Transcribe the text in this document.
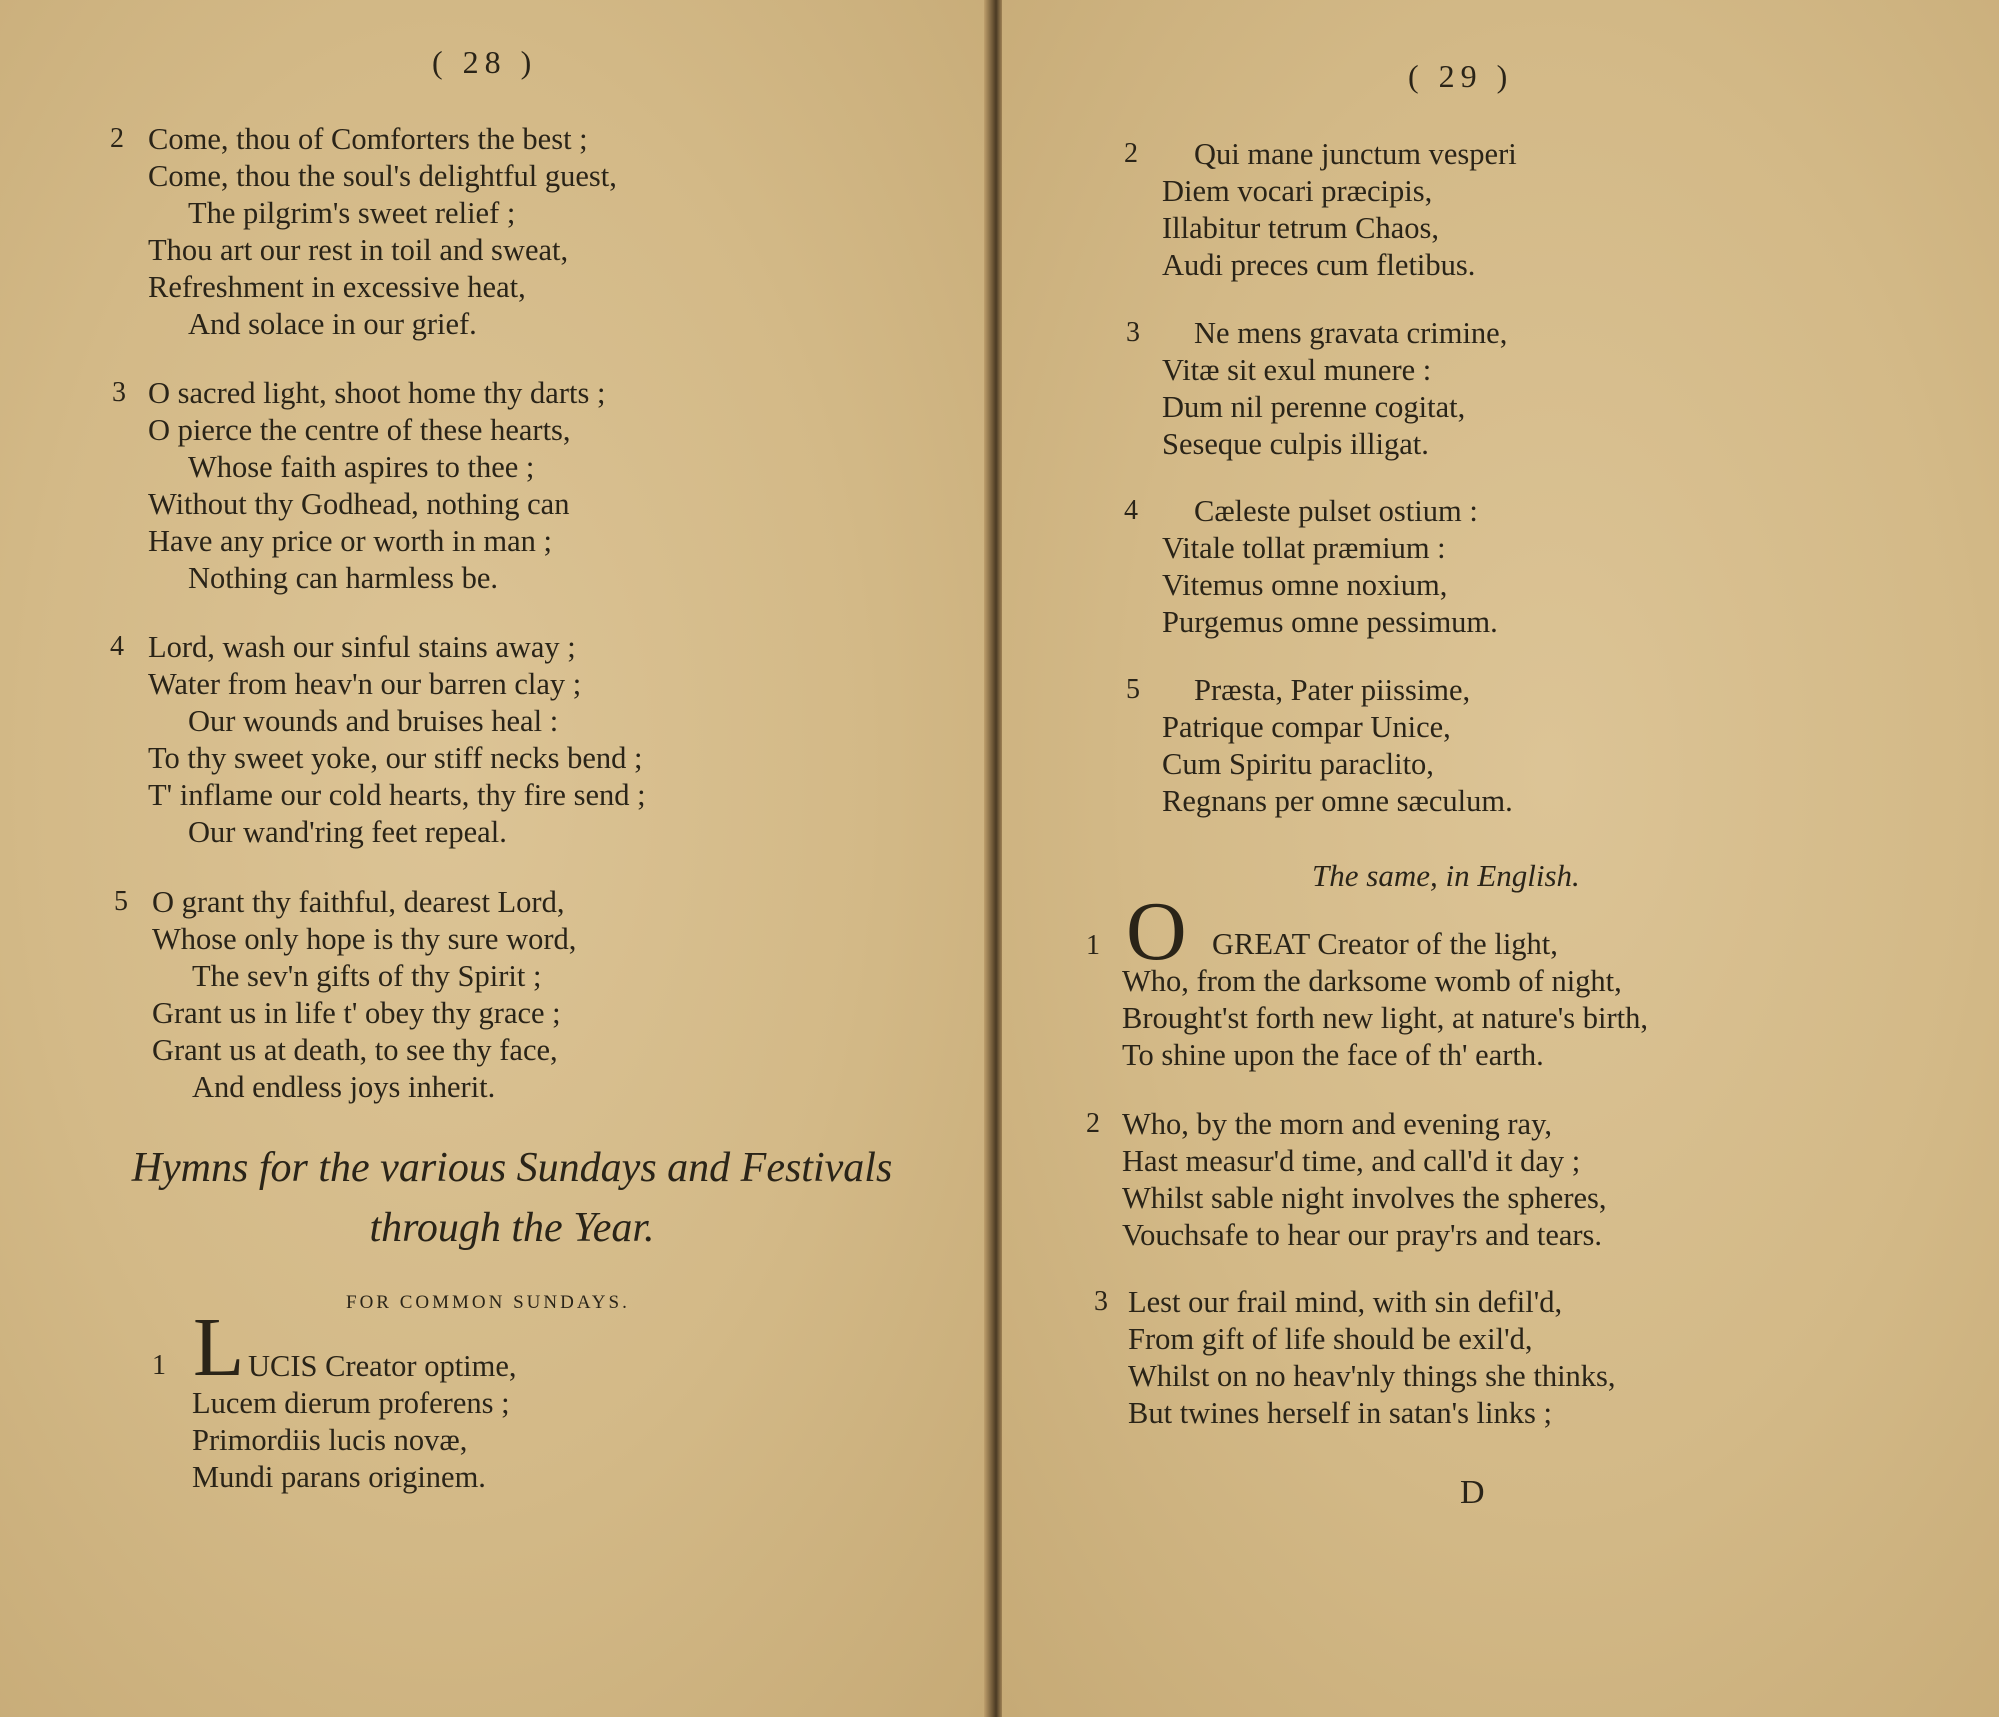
( 28 )
2 Come, thou of Comforters the best ;
Come, thou the soul's delightful guest,
The pilgrim's sweet relief ;
Thou art our rest in toil and sweat,
Refreshment in excessive heat,
And solace in our grief.
3 O sacred light, shoot home thy darts ;
O pierce the centre of these hearts,
Whose faith aspires to thee ;
Without thy Godhead, nothing can
Have any price or worth in man ;
Nothing can harmless be.
4 Lord, wash our sinful stains away ;
Water from heav'n our barren clay ;
Our wounds and bruises heal :
To thy sweet yoke, our stiff necks bend ;
T' inflame our cold hearts, thy fire send ;
Our wand'ring feet repeal.
5 O grant thy faithful, dearest Lord,
Whose only hope is thy sure word,
The sev'n gifts of thy Spirit ;
Grant us in life t' obey thy grace ;
Grant us at death, to see thy face,
And endless joys inherit.
Hymns for the various Sundays and Festivals
through the Year.
FOR COMMON SUNDAYS.
1 L UCIS Creator optime,
Lucem dierum proferens ;
Primordiis lucis novæ,
Mundi parans originem.
( 29 )
2	Qui mane junctum vesperi
Diem vocari præcipis,
Illabitur tetrum Chaos,
Audi preces cum fletibus.
3	Ne mens gravata crimine,
Vitæ sit exul munere :
Dum nil perenne cogitat,
Seseque culpis illigat.
4	Cæleste pulset ostium :
Vitale tollat præmium :
Vitemus omne noxium,
Purgemus omne pessimum.
5	Præsta, Pater piissime,
Patrique compar Unice,
Cum Spiritu paraclito,
Regnans per omne sæculum.
The same, in English.
1 O GREAT Creator of the light,
Who, from the darksome womb of night,
Brought'st forth new light, at nature's birth,
To shine upon the face of th' earth.
2 Who, by the morn and evening ray,
Hast measur'd time, and call'd it day ;
Whilst sable night involves the spheres,
Vouchsafe to hear our pray'rs and tears.
3 Lest our frail mind, with sin defil'd,
From gift of life should be exil'd,
Whilst on no heav'nly things she thinks,
But twines herself in satan's links ;
D
